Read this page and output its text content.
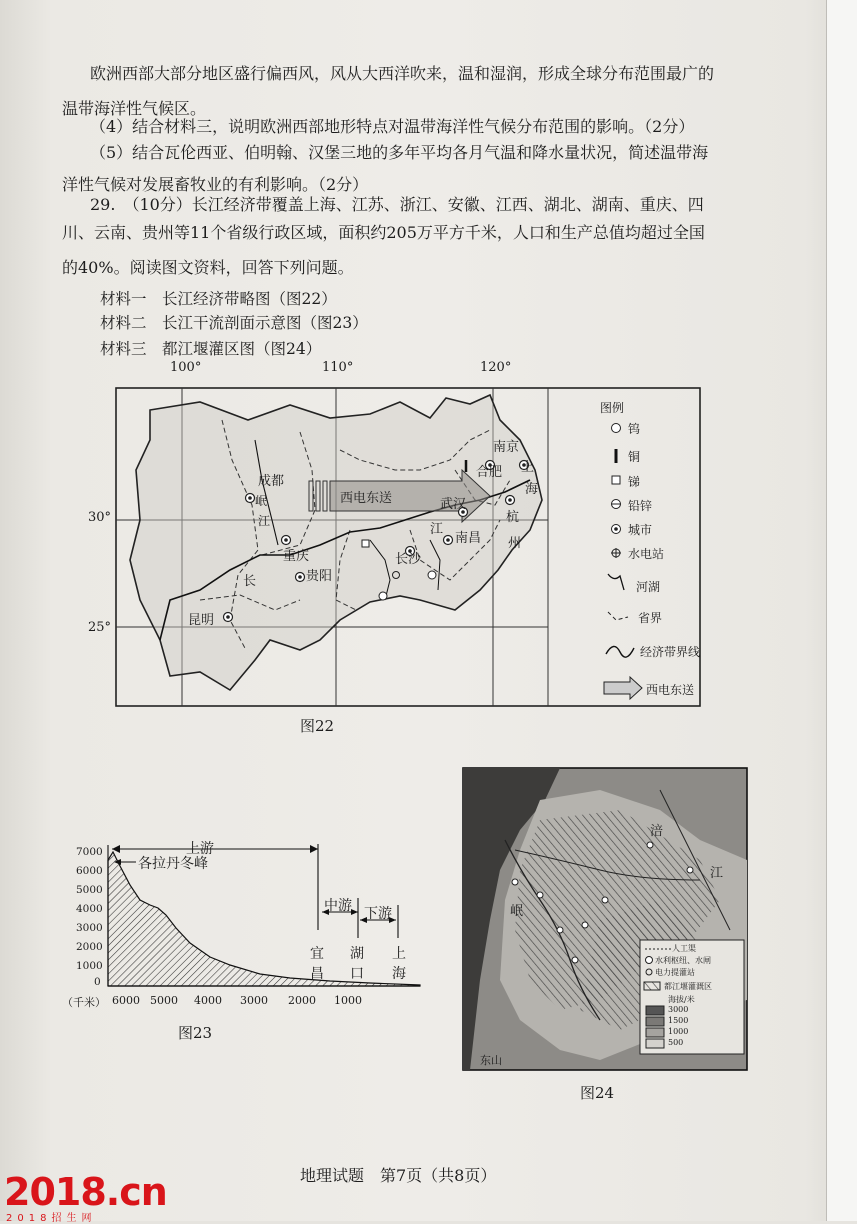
欧洲西部大部分地区盛行偏西风，风从大西洋吹来，温和湿润，形成全球分布范围最广的
温带海洋性气候区。
（4）结合材料三，说明欧洲西部地形特点对温带海洋性气候分布范围的影响。（2分）
（5）结合瓦伦西亚、伯明翰、汉堡三地的多年平均各月气温和降水量状况，简述温带海
洋性气候对发展畜牧业的有利影响。（2分）
29.　（10分）长江经济带覆盖上海、江苏、浙江、安徽、江西、湖北、湖南、重庆、四
川、云南、贵州等11个省级行政区域，面积约205万平方千米，人口和生产总值均超过全国
的40%。阅读图文资料，回答下列问题。
材料一　长江经济带略图（图22）
材料二　长江干流剖面示意图（图23）
材料三　都江堰灌区图（图24）
100°	110°	120°
30°
25°
图例
钨
铜
锑
铅锌
城市
水电站
河湖
省界
经济带界线
西电东送
成都
岷
江
重庆
贵阳
昆明
长
江
长沙
武汉
南昌
合肥
南京
上
海
杭
州
西电东送
图22
上游
中游 下游
各拉丹冬峰
宜
昌
湖
口
上
海
7000
6000
5000
4000
3000
2000
1000
0
（千米） 6000 5000 4000 3000 2000 1000
图23
人工渠
水利枢纽、水闸
电力提灌站
都江堰灌溉区
海拔/米
3000
1500
1000
500
涪
江
岷
东山
图24
地理试题　第7页（共8页）
2018.cn
2018招生网
